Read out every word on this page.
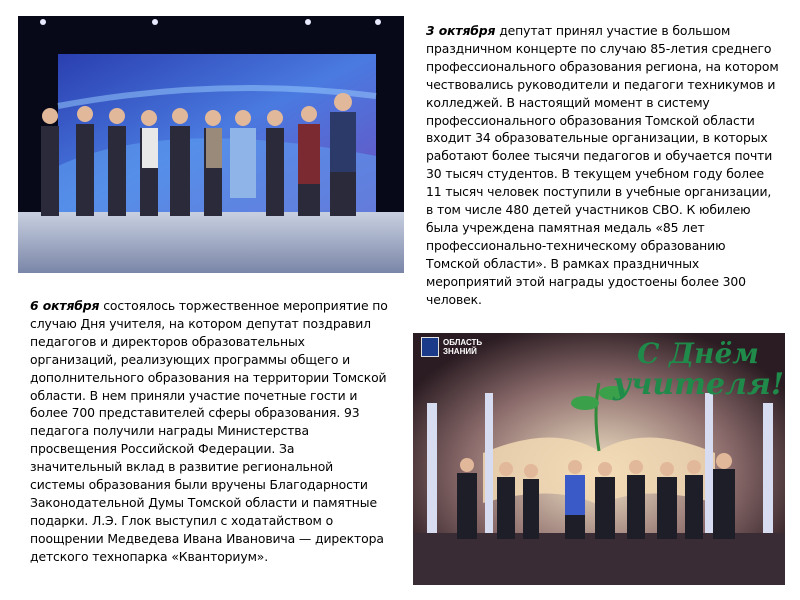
3 октября депутат принял участие в большом праздничном концерте по случаю 85-летия среднего профессионального образования региона, на котором чествовались руководители и педагоги техникумов и колледжей. В настоящий момент в систему профессионального образования Томской области входит 34 образовательные организации, в которых работают более тысячи педагогов и обучается почти 30 тысяч студентов. В текущем учебном году более 11 тысяч человек поступили в учебные организации, в том числе 480 детей участников СВО. К юбилею была учреждена памятная медаль «85 лет профессионально-техническому образованию Томской области». В рамках праздничных мероприятий этой награды удостоены более 300 человек.

6 октября состоялось торжественное мероприятие по случаю Дня учителя, на котором депутат поздравил педагогов и директоров образовательных организаций, реализующих программы общего и дополнительного образования на территории Томской области. В нем приняли участие почетные гости и более 700 представителей сферы образования. 93 педагога получили награды Министерства просвещения Российской Федерации. За значительный вклад в развитие региональной системы образования были вручены Благодарности Законодательной Думы Томской области и памятные подарки. Л.Э. Глок выступил с ходатайством о поощрении Медведева Ивана Ивановича — директора детского технопарка «Кванториум».

ОБЛАСТЬ
ЗНАНИЙ	С Днём
учителя!
